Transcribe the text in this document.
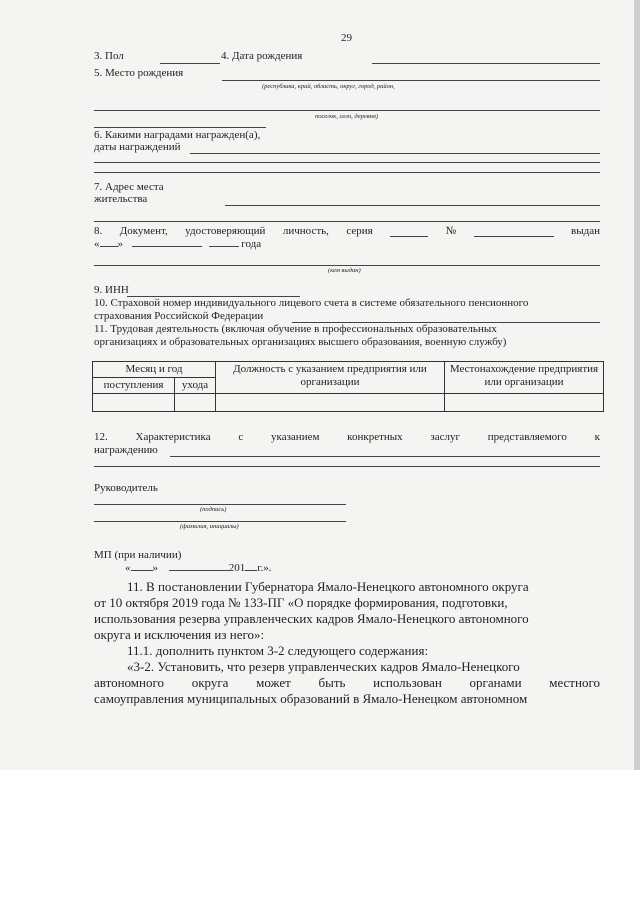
29
3. Пол	4. Дата рождения
5. Место рождения
(республика, край, область, округ, город, район,
поселок, село, деревня)
6. Какими наградами награжден(а),
даты награждений
7. Адрес места
жительства
8. Документ, удостоверяющий личность, серия	№	выдан
« »	года
(кем выдан)
9. ИНН
10. Страховой номер индивидуального лицевого счета в системе обязательного пенсионного
страхования Российской Федерации
11. Трудовая деятельность (включая обучение в профессиональных образовательных
организациях и образовательных организациях высшего образования, военную службу)
Месяц и год		Должность с указанием предприятия или организации	Местонахождение предприятия или организации
поступления	ухода		

12.	Характеристика	с	указанием	конкретных	заслуг	представляемого	к
награждению
Руководитель
(подпись)
(фамилия, инициалы)
МП (при наличии)
« »	201 г.».
11. В постановлении Губернатора Ямало-Ненецкого автономного округа
от 10 октября 2019 года № 133-ПГ «О порядке формирования, подготовки,
использования резерва управленческих кадров Ямало-Ненецкого автономного
округа и исключения из него»:
11.1. дополнить пунктом 3-2 следующего содержания:
«3-2. Установить, что резерв управленческих кадров Ямало-Ненецкого
автономного округа может быть использован органами местного
самоуправления муниципальных образований в Ямало-Ненецком автономном
